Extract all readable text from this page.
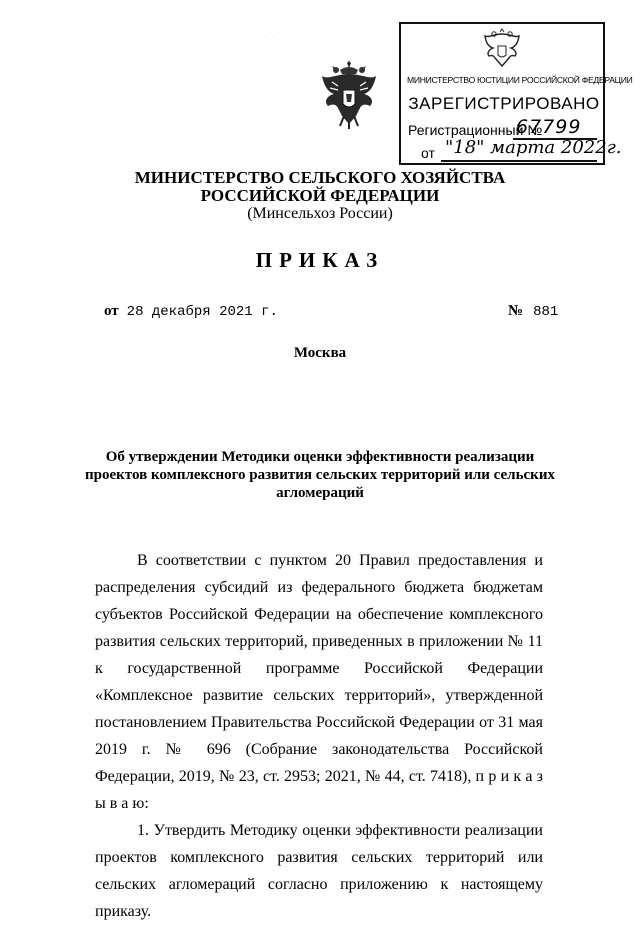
· ·
МИНИСТЕРСТВО ЮСТИЦИИ РОССИЙСКОЙ ФЕДЕРАЦИИ
ЗАРЕГИСТРИРОВАНО
Регистрационный №
67799
от "18" марта 2022г.
МИНИСТЕРСТВО СЕЛЬСКОГО ХОЗЯЙСТВА
РОССИЙСКОЙ ФЕДЕРАЦИИ
(Минсельхоз России)
ПРИКАЗ
от 28 декабря 2021 г.	№ 881
Москва
Об утверждении Методики оценки эффективности реализации
проектов комплексного развития сельских территорий или сельских
агломераций

В соответствии с пунктом 20 Правил предоставления и распределения субсидий из федерального бюджета бюджетам субъектов Российской Федерации на обеспечение комплексного развития сельских территорий, приведенных в приложении № 11 к государственной программе Российской Федерации «Комплексное развитие сельских территорий», утвержденной постановлением Правительства Российской Федерации от 31 мая 2019 г. № 696 (Собрание законодательства Российской Федерации, 2019, № 23, ст. 2953; 2021, № 44, ст. 7418), п р и к а з ы в а ю:

1. Утвердить Методику оценки эффективности реализации проектов комплексного развития сельских территорий или сельских агломераций согласно приложению к настоящему приказу.
